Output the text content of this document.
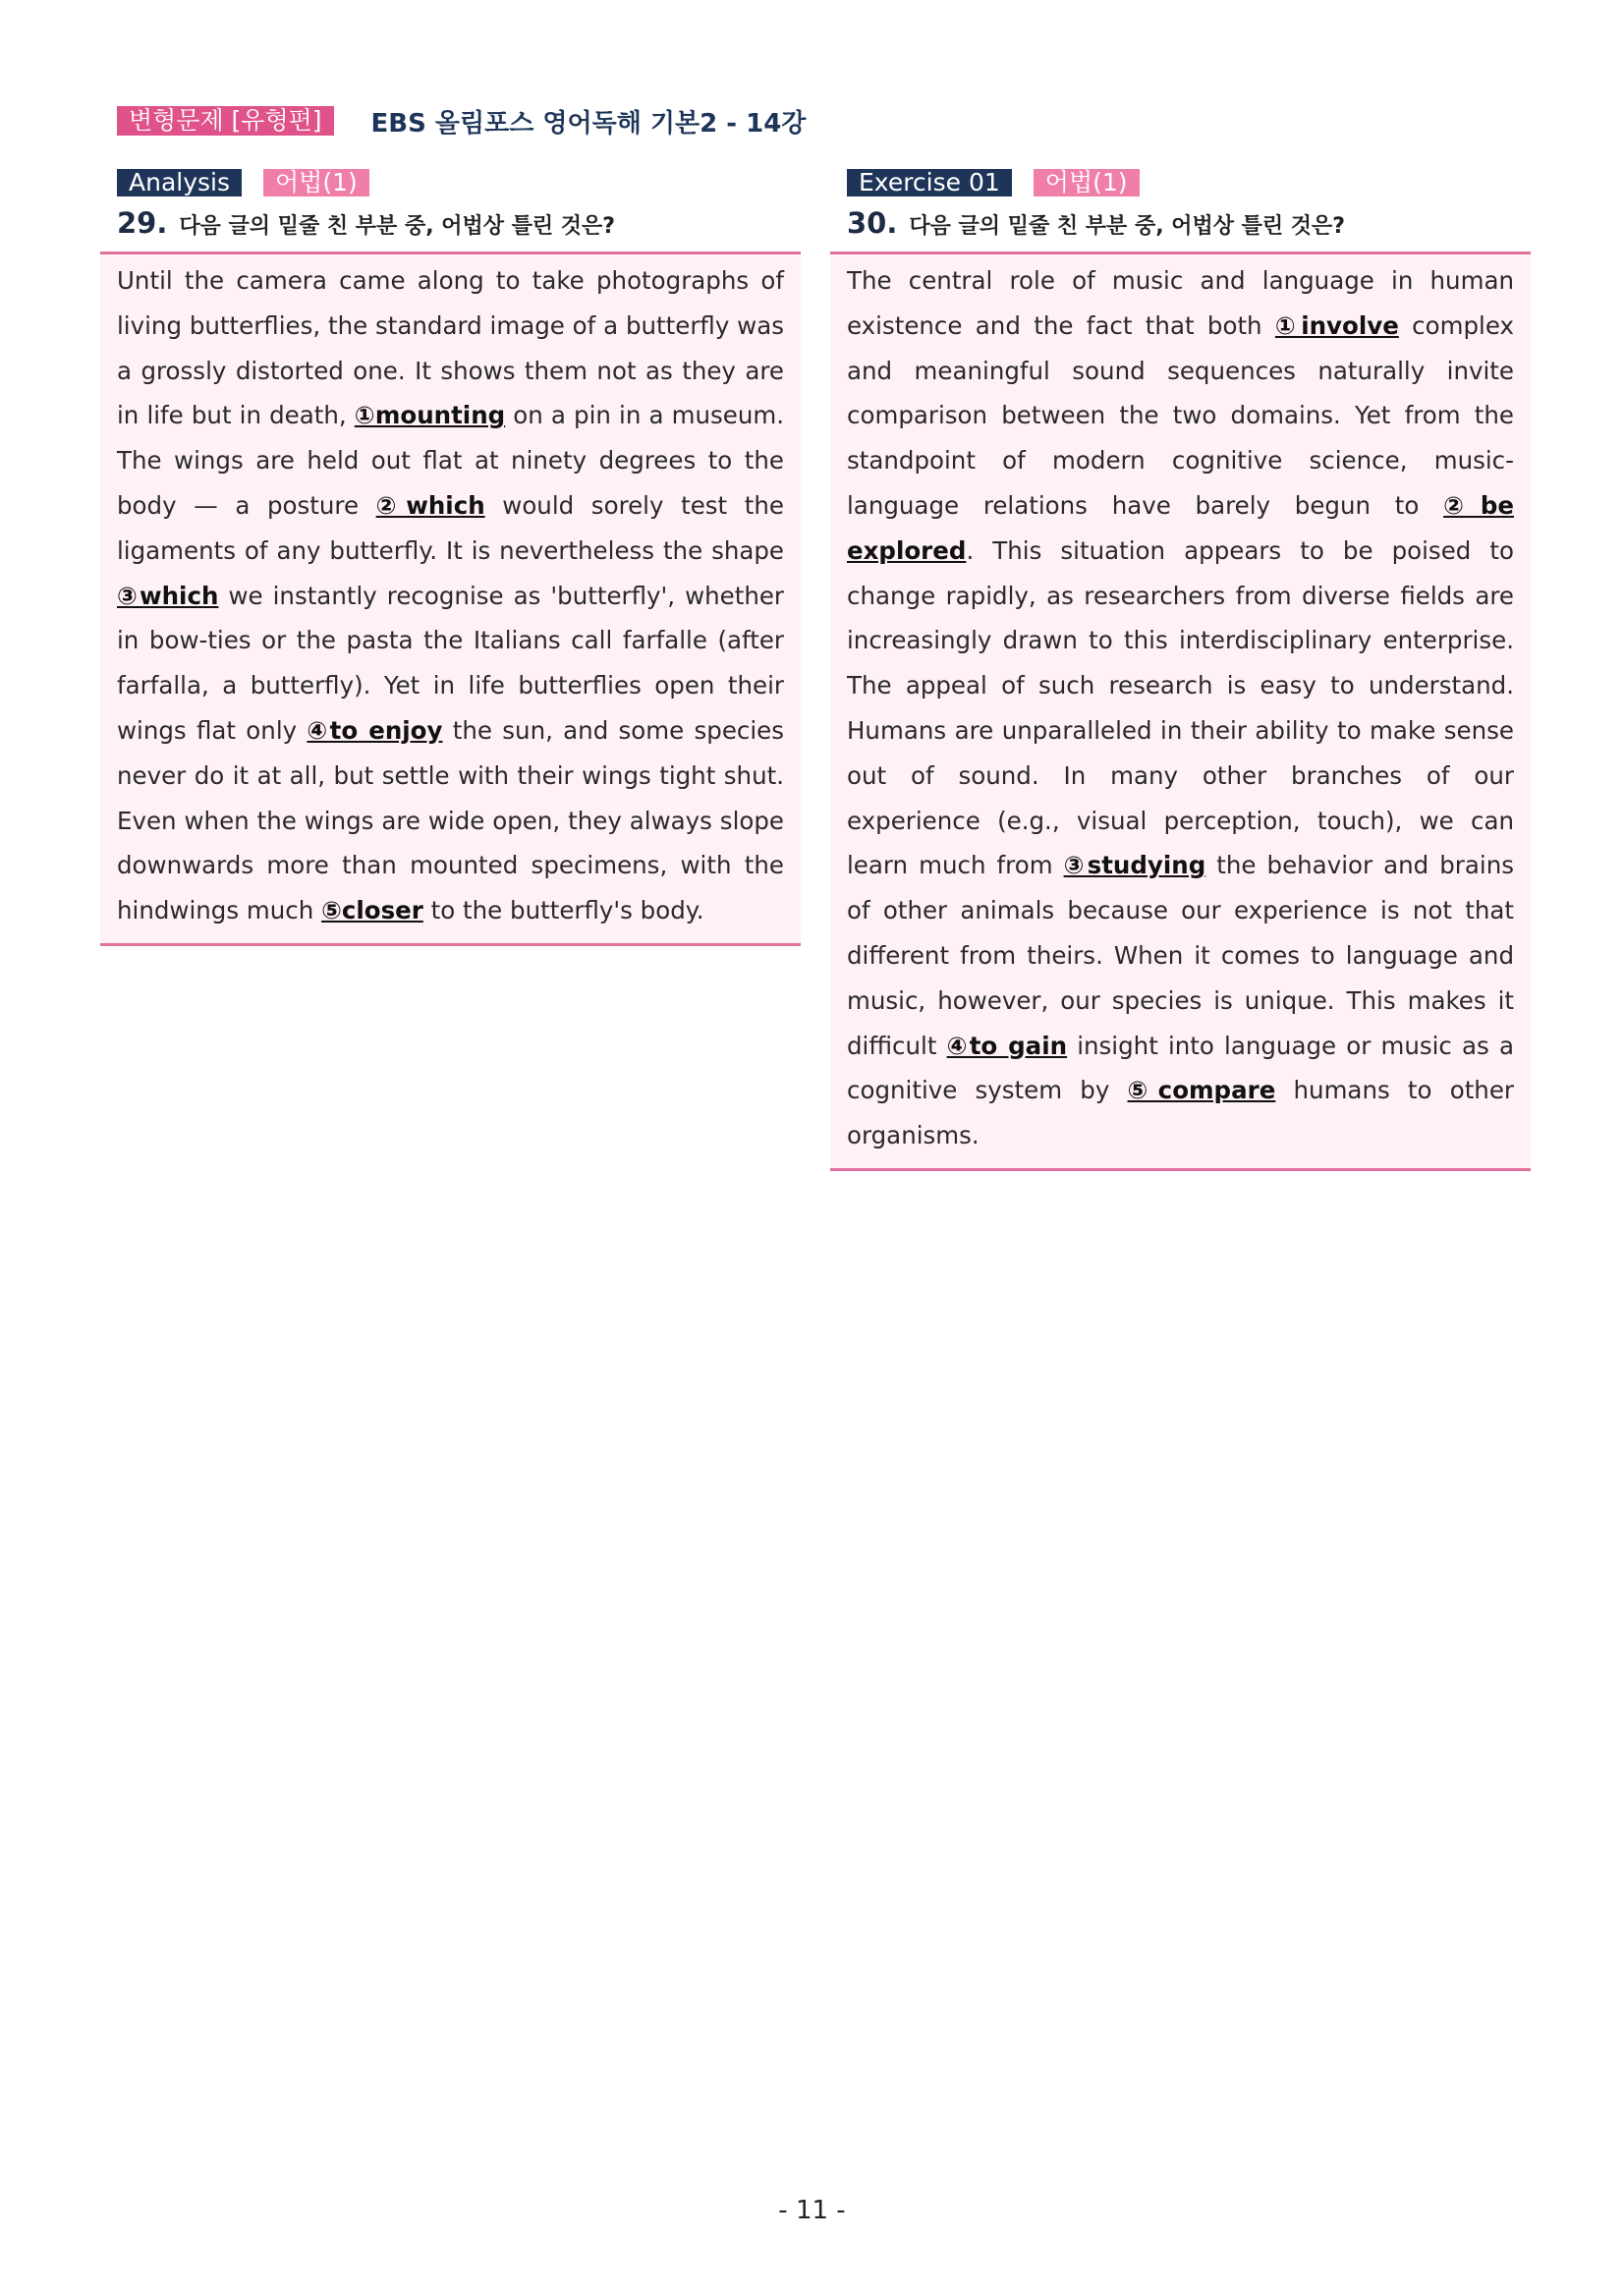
변형문제 [유형편]	EBS 올림포스 영어독해 기본2 - 14강
Analysis	어법(1)
29. 다음 글의 밑줄 친 부분 중, 어법상 틀린 것은?
Until the camera came along to take photographs of living butterflies, the standard image of a butterfly was a grossly distorted one. It shows them not as they are in life but in death, ①mounting on a pin in a museum. The wings are held out flat at ninety degrees to the body — a posture ②which would sorely test the ligaments of any butterfly. It is nevertheless the shape ③which we instantly recognise as 'butterfly', whether in bow-ties or the pasta the Italians call farfalle (after farfalla, a butterfly). Yet in life butterflies open their wings flat only ④to enjoy the sun, and some species never do it at all, but settle with their wings tight shut. Even when the wings are wide open, they always slope downwards more than mounted specimens, with the hindwings much ⑤closer to the butterfly's body.
Exercise 01	어법(1)
30. 다음 글의 밑줄 친 부분 중, 어법상 틀린 것은?
The central role of music and language in human existence and the fact that both ①involve complex and meaningful sound sequences naturally invite comparison between the two domains. Yet from the standpoint of modern cognitive science, music-language relations have barely begun to ②be explored. This situation appears to be poised to change rapidly, as researchers from diverse fields are increasingly drawn to this interdisciplinary enterprise. The appeal of such research is easy to understand. Humans are unparalleled in their ability to make sense out of sound. In many other branches of our experience (e.g., visual perception, touch), we can learn much from ③studying the behavior and brains of other animals because our experience is not that different from theirs. When it comes to language and music, however, our species is unique. This makes it difficult ④to gain insight into language or music as a cognitive system by ⑤compare humans to other organisms.
- 11 -
